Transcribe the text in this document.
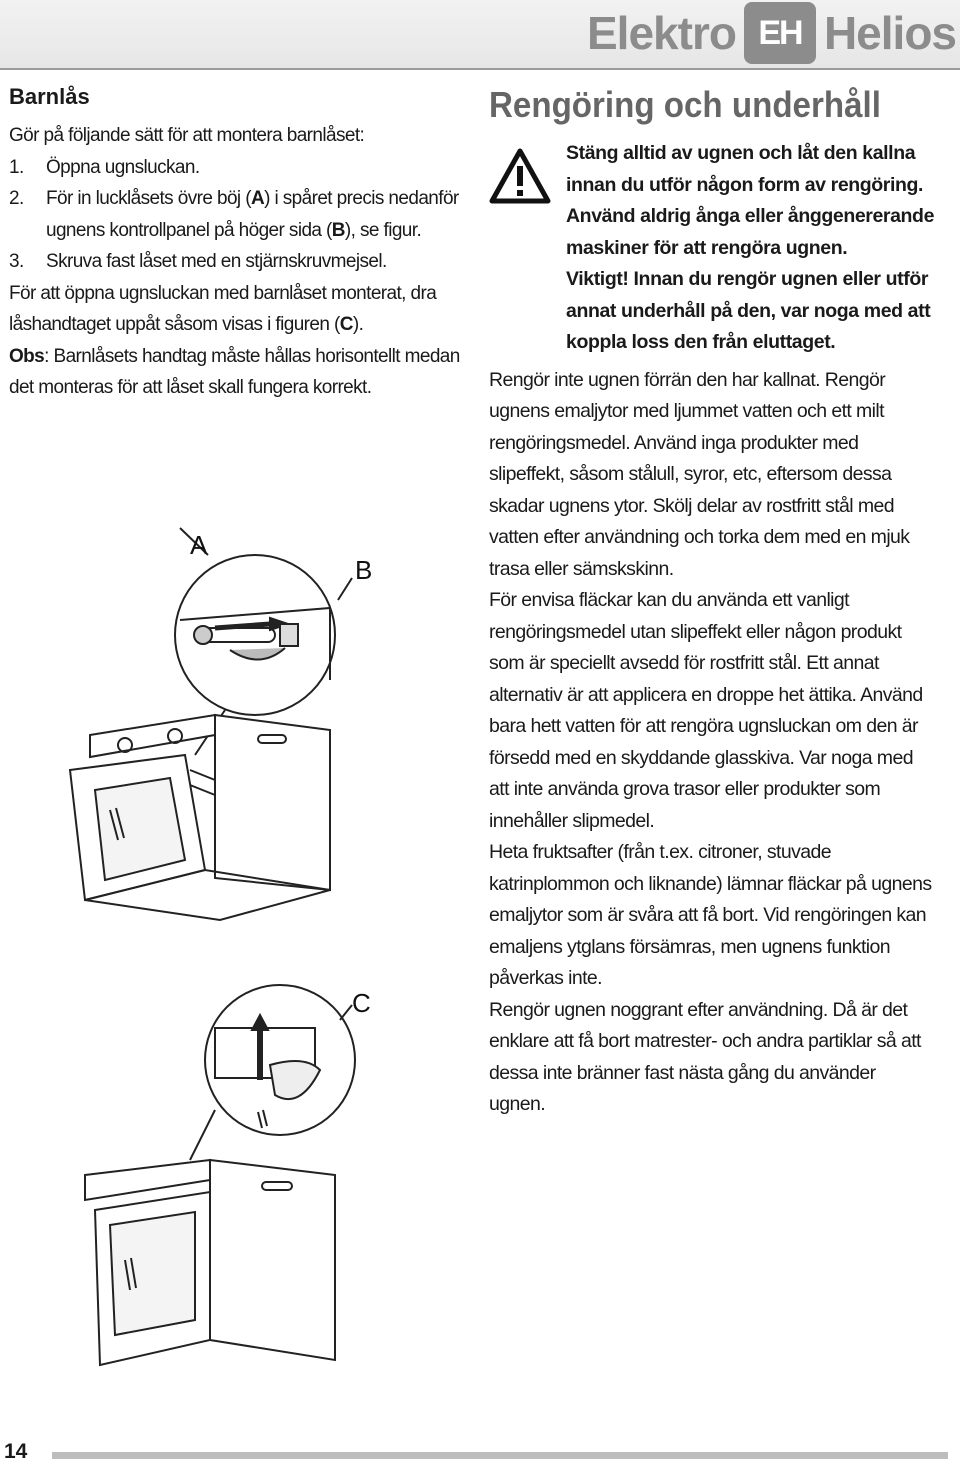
Elektro EH Helios
Barnlås

Gör på följande sätt för att montera barnlåset:

1.	Öppna ugnsluckan.
2.	För in lucklåsets övre böj (A) i spåret precis nedanför ugnens kontrollpanel på höger sida (B), se figur.
3.	Skruva fast låset med en stjärnskruvmejsel.

För att öppna ugnsluckan med barnlåset monterat, dra låshandtaget uppåt såsom visas i figuren (C).

Obs: Barnlåsets handtag måste hållas horisontellt medan det monteras för att låset skall fungera korrekt.

A
B
C
Rengöring och underhåll

Stäng alltid av ugnen och låt den kallna innan du utför någon form av rengöring. Använd aldrig ånga eller ånggenererande maskiner för att rengöra ugnen.

Viktigt! Innan du rengör ugnen eller utför annat underhåll på den, var noga med att koppla loss den från eluttaget.

Rengör inte ugnen förrän den har kallnat. Rengör ugnens emaljytor med ljummet vatten och ett milt rengöringsmedel. Använd inga produkter med slipeffekt, såsom stålull, syror, etc, eftersom dessa skadar ugnens ytor. Skölj delar av rostfritt stål med vatten efter användning och torka dem med en mjuk trasa eller sämskskinn.

För envisa fläckar kan du använda ett vanligt rengöringsmedel utan slipeffekt eller någon produkt som är speciellt avsedd för rostfritt stål. Ett annat alternativ är att applicera en droppe het ättika. Använd bara hett vatten för att rengöra ugnsluckan om den är försedd med en skyddande glasskiva. Var noga med att inte använda grova trasor eller produkter som innehåller slipmedel.

Heta fruktsafter (från t.ex. citroner, stuvade katrinplommon och liknande) lämnar fläckar på ugnens emaljytor som är svåra att få bort. Vid rengöringen kan emaljens ytglans försämras, men ugnens funktion påverkas inte.

Rengör ugnen noggrant efter användning. Då är det enklare att få bort matrester- och andra partiklar så att dessa inte bränner fast nästa gång du använder ugnen.

14
